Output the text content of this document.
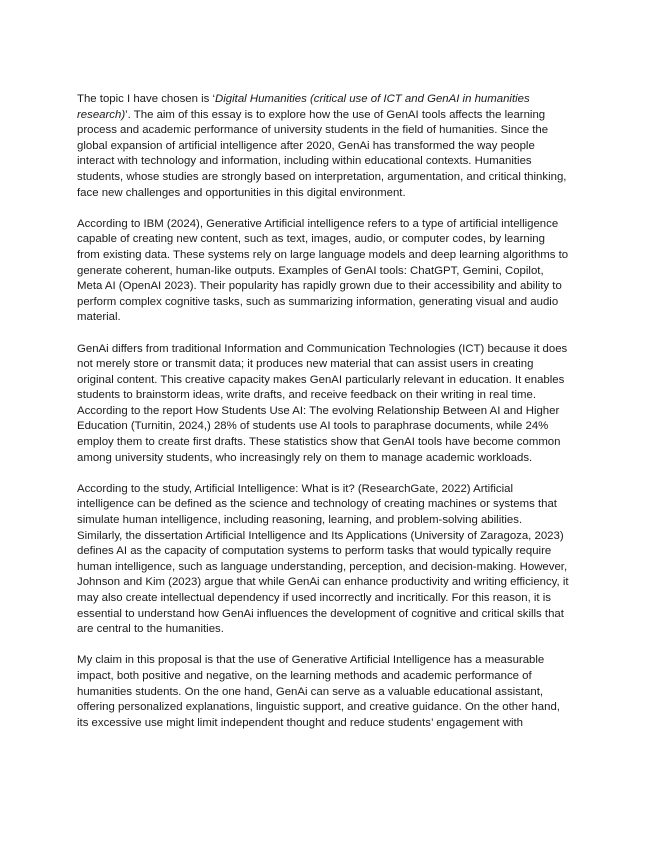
The topic I have chosen is ‘Digital Humanities (critical use of ICT and GenAI in humanities research)’. The aim of this essay is to explore how the use of GenAI tools affects the learning process and academic performance of university students in the field of humanities. Since the global expansion of artificial intelligence after 2020, GenAi has transformed the way people interact with technology and information, including within educational contexts. Humanities students, whose studies are strongly based on interpretation, argumentation, and critical thinking, face new challenges and opportunities in this digital environment.

According to IBM (2024), Generative Artificial intelligence refers to a type of artificial intelligence capable of creating new content, such as text, images, audio, or computer codes, by learning from existing data. These systems rely on large language models and deep learning algorithms to generate coherent, human-like outputs. Examples of GenAI tools: ChatGPT, Gemini, Copilot, Meta AI (OpenAI 2023). Their popularity has rapidly grown due to their accessibility and ability to perform complex cognitive tasks, such as summarizing information, generating visual and audio material.

GenAi differs from traditional Information and Communication Technologies (ICT) because it does not merely store or transmit data; it produces new material that can assist users in creating original content. This creative capacity makes GenAI particularly relevant in education. It enables students to brainstorm ideas, write drafts, and receive feedback on their writing in real time. According to the report How Students Use AI: The evolving Relationship Between AI and Higher Education (Turnitin, 2024,) 28% of students use AI tools to paraphrase documents, while 24% employ them to create first drafts. These statistics show that GenAI tools have become common among university students, who increasingly rely on them to manage academic workloads.

According to the study, Artificial Intelligence: What is it? (ResearchGate, 2022) Artificial intelligence can be defined as the science and technology of creating machines or systems that simulate human intelligence, including reasoning, learning, and problem-solving abilities. Similarly, the dissertation Artificial Intelligence and Its Applications (University of Zaragoza, 2023) defines AI as the capacity of computation systems to perform tasks that would typically require human intelligence, such as language understanding, perception, and decision-making. However, Johnson and Kim (2023) argue that while GenAi can enhance productivity and writing efficiency, it may also create intellectual dependency if used incorrectly and incritically. For this reason, it is essential to understand how GenAi influences the development of cognitive and critical skills that are central to the humanities.

My claim in this proposal is that the use of Generative Artificial Intelligence has a measurable impact, both positive and negative, on the learning methods and academic performance of humanities students. On the one hand, GenAi can serve as a valuable educational assistant, offering personalized explanations, linguistic support, and creative guidance. On the other hand, its excessive use might limit independent thought and reduce students’ engagement with
